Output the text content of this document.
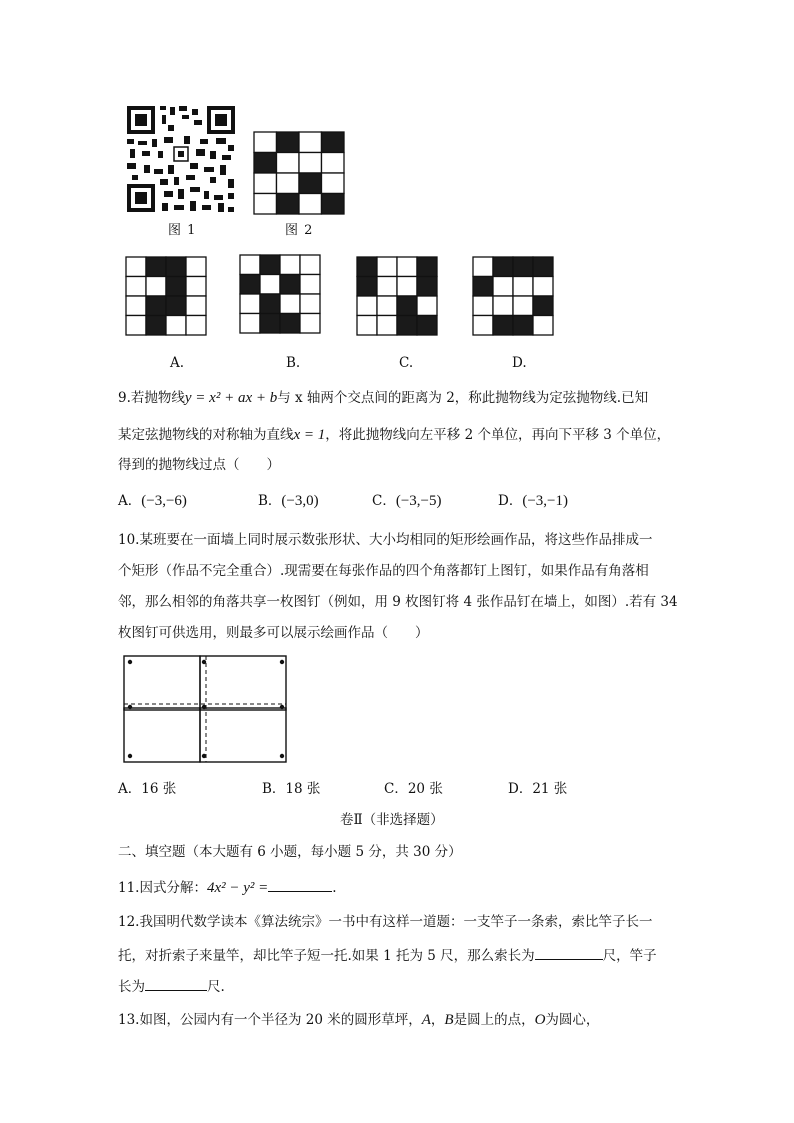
图 1	图 2
A.	B.	C.	D.
9.若抛物线y = x² + ax + b与 x 轴两个交点间的距离为 2，称此抛物线为定弦抛物线.已知
某定弦抛物线的对称轴为直线x = 1，将此抛物线向左平移 2 个单位，再向下平移 3 个单位，
得到的抛物线过点（　　）
A．(−3,−6)	B．(−3,0)	C．(−3,−5)	D．(−3,−1)
10.某班要在一面墙上同时展示数张形状、大小均相同的矩形绘画作品，将这些作品排成一
个矩形（作品不完全重合）.现需要在每张作品的四个角落都钉上图钉，如果作品有角落相
邻，那么相邻的角落共享一枚图钉（例如，用 9 枚图钉将 4 张作品钉在墙上，如图）.若有 34
枚图钉可供选用，则最多可以展示绘画作品（　　）
A．16 张	B．18 张	C．20 张	D．21 张
卷Ⅱ（非选择题）
二、填空题（本大题有 6 小题，每小题 5 分，共 30 分）
11.因式分解：4x² − y² =	.
12.我国明代数学读本《算法统宗》一书中有这样一道题：一支竿子一条索，索比竿子长一
托，对折索子来量竿，却比竿子短一托.如果 1 托为 5 尺，那么索长为	尺，竿子
长为	尺.
13.如图，公园内有一个半径为 20 米的圆形草坪，A，B是圆上的点，O为圆心，
